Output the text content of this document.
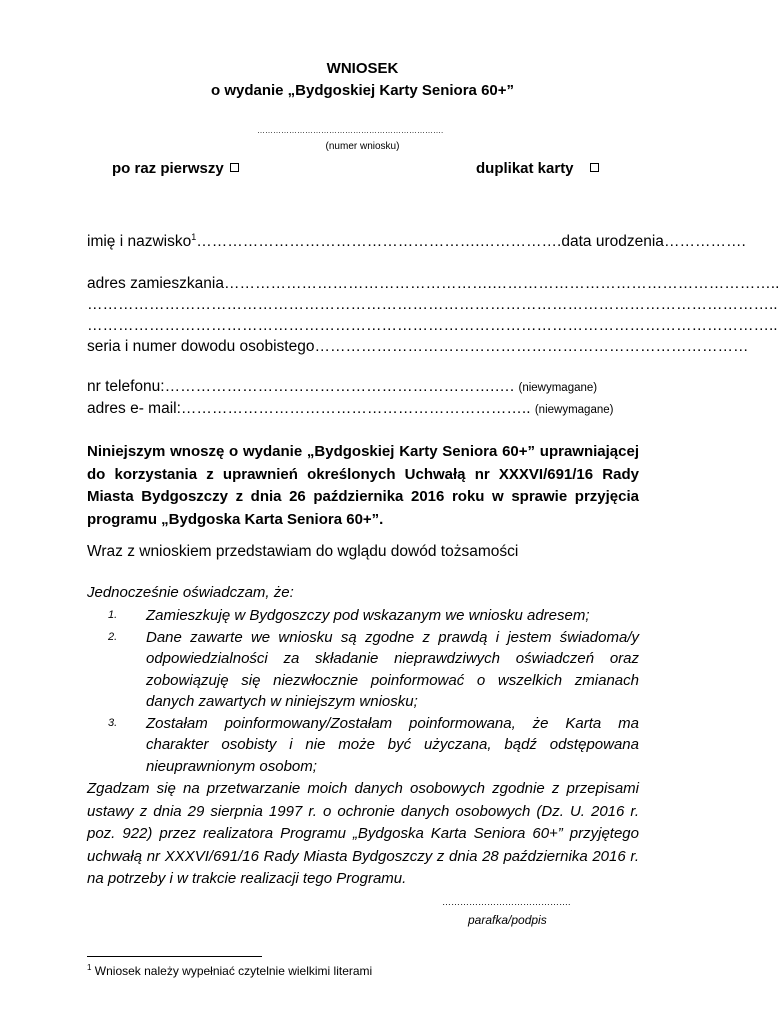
WNIOSEK
o wydanie „Bydgoskiej Karty Seniora 60+”
…………………………………………………………….
(numer wniosku)
po raz pierwszy	duplikat karty
imię i nazwisko$^1$……………………………………………….…………….data urodzenia…………….
adres zamieszkania…………………………………………….………………………………………………..
……………………………………………………………………………………………………………………..
……………………………………………………………………………………………………………………..
seria i numer dowodu osobistego…………………………………………………………………………
nr telefonu:……………………………………………………….…. (niewymagane)
adres e- mail:………………………………………………………….. (niewymagane)
Niniejszym wnoszę o wydanie „Bydgoskiej Karty Seniora 60+” uprawniającej do korzystania z uprawnień określonych Uchwałą nr XXXVI/691/16 Rady Miasta Bydgoszczy z dnia 26 października 2016 roku w sprawie przyjęcia programu „Bydgoska Karta Seniora 60+”.
Wraz z wnioskiem przedstawiam do wglądu dowód tożsamości
Jednocześnie oświadczam, że:
1. Zamieszkuję w Bydgoszczy pod wskazanym we wniosku adresem;
2. Dane zawarte we wniosku są zgodne z prawdą i jestem świadoma/y odpowiedzialności za składanie nieprawdziwych oświadczeń oraz zobowiązuję się niezwłocznie poinformować o wszelkich zmianach danych zawartych w niniejszym wniosku;
3. Zostałam poinformowany/Zostałam poinformowana, że Karta ma charakter osobisty i nie może być użyczana, bądź odstępowana nieuprawnionym osobom;
Zgadzam się na przetwarzanie moich danych osobowych zgodnie z przepisami ustawy z dnia 29 sierpnia 1997 r. o ochronie danych osobowych (Dz. U. 2016 r. poz. 922) przez realizatora Programu „Bydgoska Karta Seniora 60+” przyjętego uchwałą nr XXXVI/691/16 Rady Miasta Bydgoszczy z dnia 28 października 2016 r. na potrzeby i w trakcie realizacji tego Programu.
…………………………………….
parafka/podpis
$^1$ Wniosek należy wypełniać czytelnie wielkimi literami
